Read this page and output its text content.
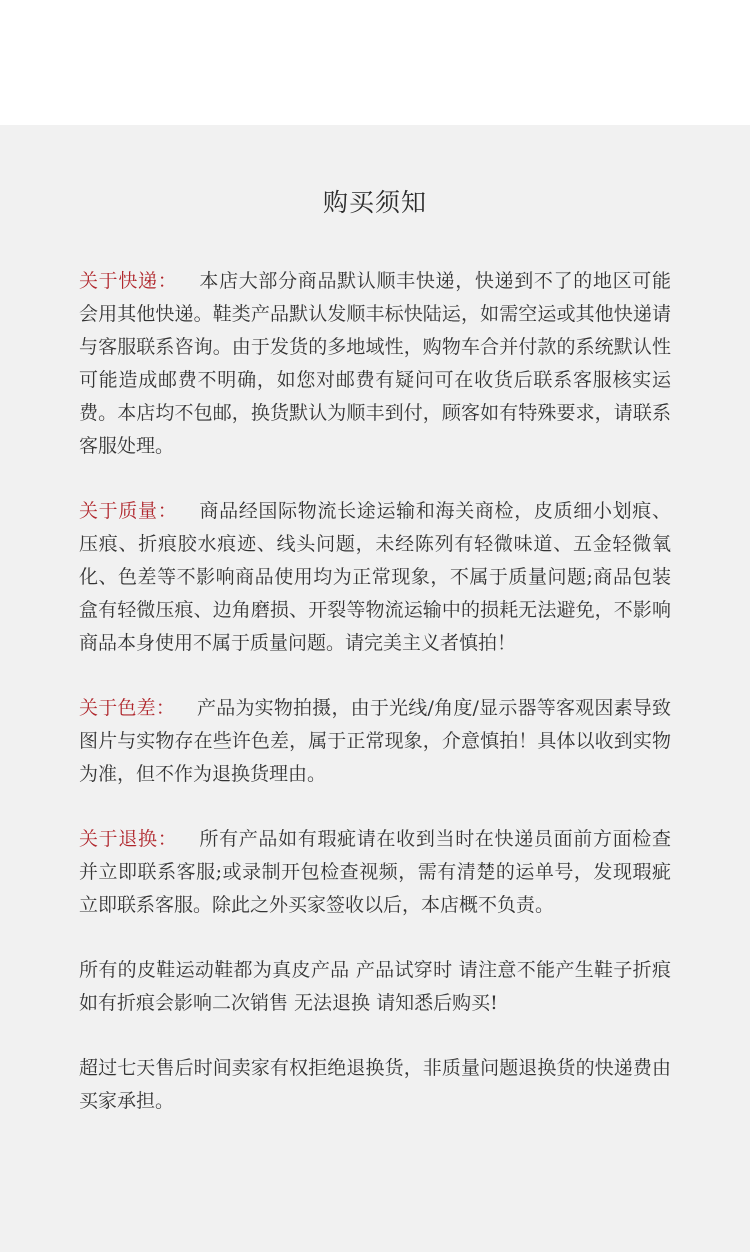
购买须知

关于快递： 本店大部分商品默认顺丰快递，快递到不了的地区可能会用其他快递。鞋类产品默认发顺丰标快陆运，如需空运或其他快递请与客服联系咨询。由于发货的多地域性，购物车合并付款的系统默认性可能造成邮费不明确，如您对邮费有疑问可在收货后联系客服核实运费。本店均不包邮，换货默认为顺丰到付，顾客如有特殊要求，请联系客服处理。

关于质量： 商品经国际物流长途运输和海关商检，皮质细小划痕、压痕、折痕胶水痕迹、线头问题，未经陈列有轻微味道、五金轻微氧化、色差等不影响商品使用均为正常现象，不属于质量问题;商品包装盒有轻微压痕、边角磨损、开裂等物流运输中的损耗无法避免，不影响商品本身使用不属于质量问题。请完美主义者慎拍！

关于色差： 产品为实物拍摄，由于光线/角度/显示器等客观因素导致图片与实物存在些许色差，属于正常现象，介意慎拍！具体以收到实物为准，但不作为退换货理由。

关于退换： 所有产品如有瑕疵请在收到当时在快递员面前方面检查并立即联系客服;或录制开包检查视频，需有清楚的运单号，发现瑕疵立即联系客服。除此之外买家签收以后，本店概不负责。

所有的皮鞋运动鞋都为真皮产品 产品试穿时 请注意不能产生鞋子折痕 如有折痕会影响二次销售 无法退换 请知悉后购买!

超过七天售后时间卖家有权拒绝退换货，非质量问题退换货的快递费由买家承担。
